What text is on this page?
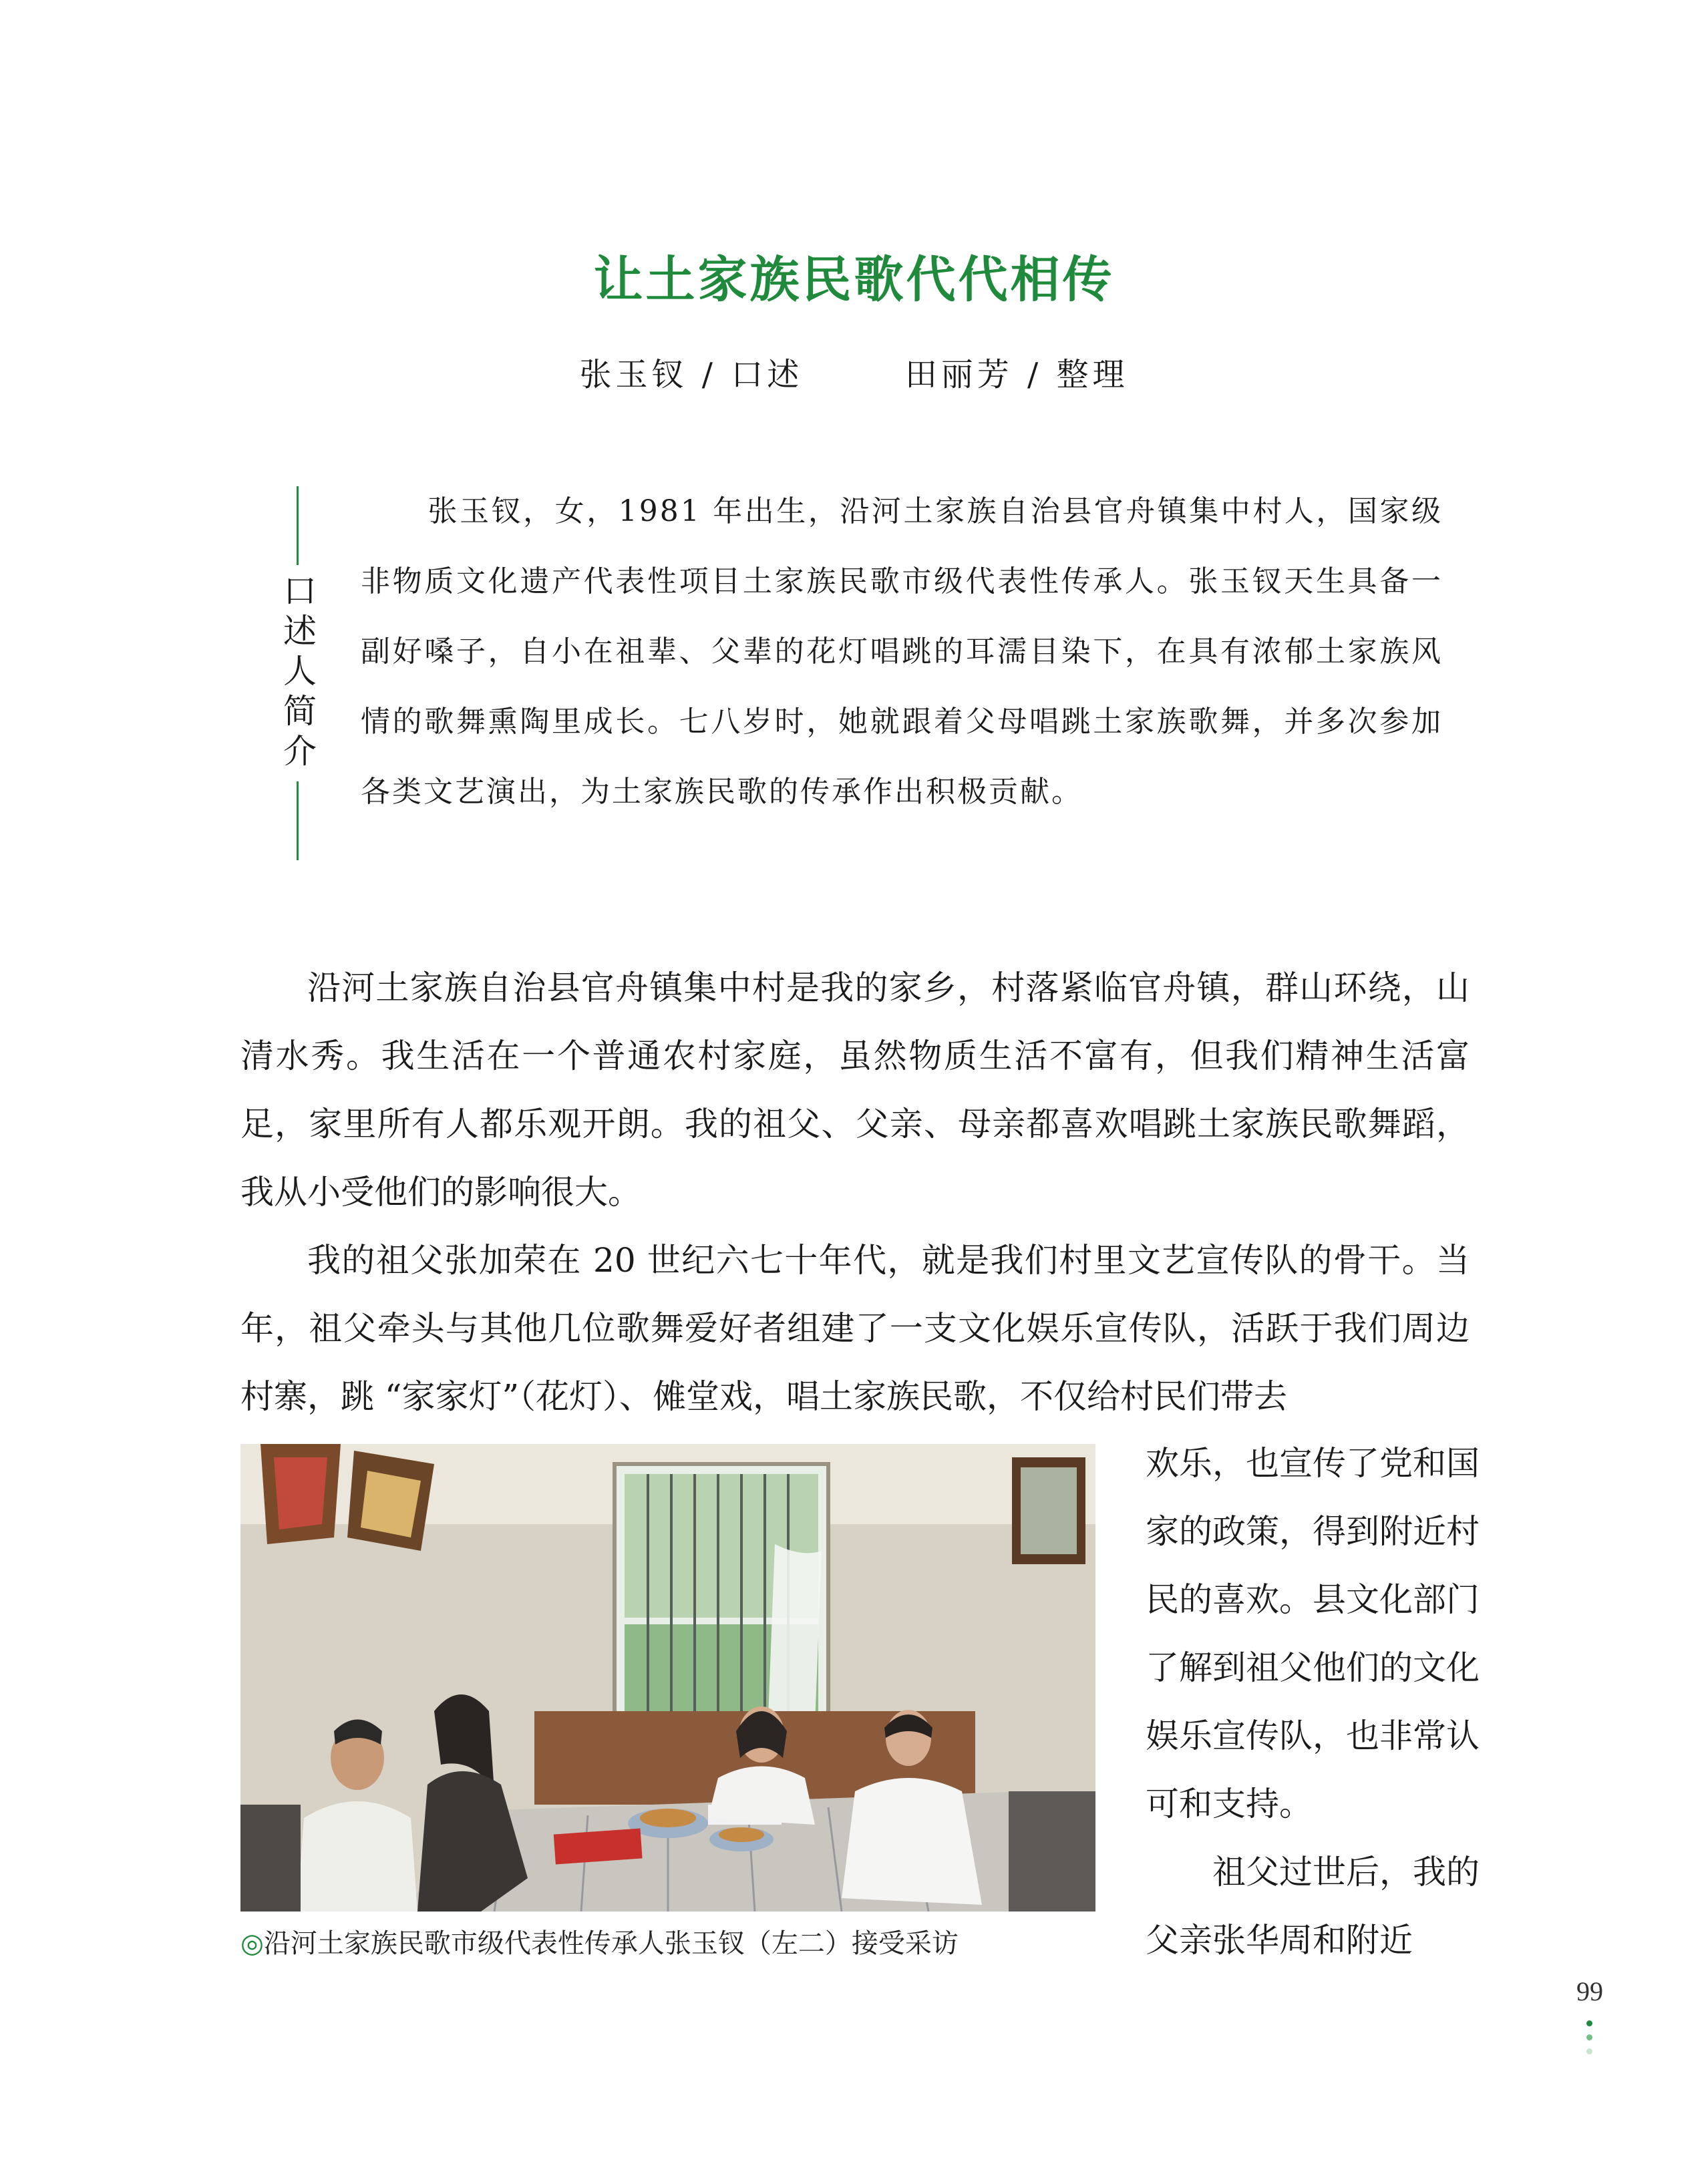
让土家族民歌代代相传
张玉钗 / 口述	田丽芳 / 整理
口述人简介

张玉钗，女，1981 年出生，沿河土家族自治县官舟镇集中村人，国家级非物质文化遗产代表性项目土家族民歌市级代表性传承人。张玉钗天生具备一副好嗓子，自小在祖辈、父辈的花灯唱跳的耳濡目染下，在具有浓郁土家族风情的歌舞熏陶里成长。七八岁时，她就跟着父母唱跳土家族歌舞，并多次参加各类文艺演出，为土家族民歌的传承作出积极贡献。

沿河土家族自治县官舟镇集中村是我的家乡，村落紧临官舟镇，群山环绕，山清水秀。我生活在一个普通农村家庭，虽然物质生活不富有，但我们精神生活富足，家里所有人都乐观开朗。我的祖父、父亲、母亲都喜欢唱跳土家族民歌舞蹈，我从小受他们的影响很大。

我的祖父张加荣在 20 世纪六七十年代，就是我们村里文艺宣传队的骨干。当年，祖父牵头与其他几位歌舞爱好者组建了一支文化娱乐宣传队，活跃于我们周边村寨，跳 “家家灯”（花灯）、傩堂戏，唱土家族民歌，不仅给村民们带去

◎沿河土家族民歌市级代表性传承人张玉钗（左二）接受采访

欢乐，也宣传了党和国家的政策，得到附近村民的喜欢。县文化部门了解到祖父他们的文化娱乐宣传队，也非常认可和支持。
祖父过世后，我的父亲张华周和附近

99
